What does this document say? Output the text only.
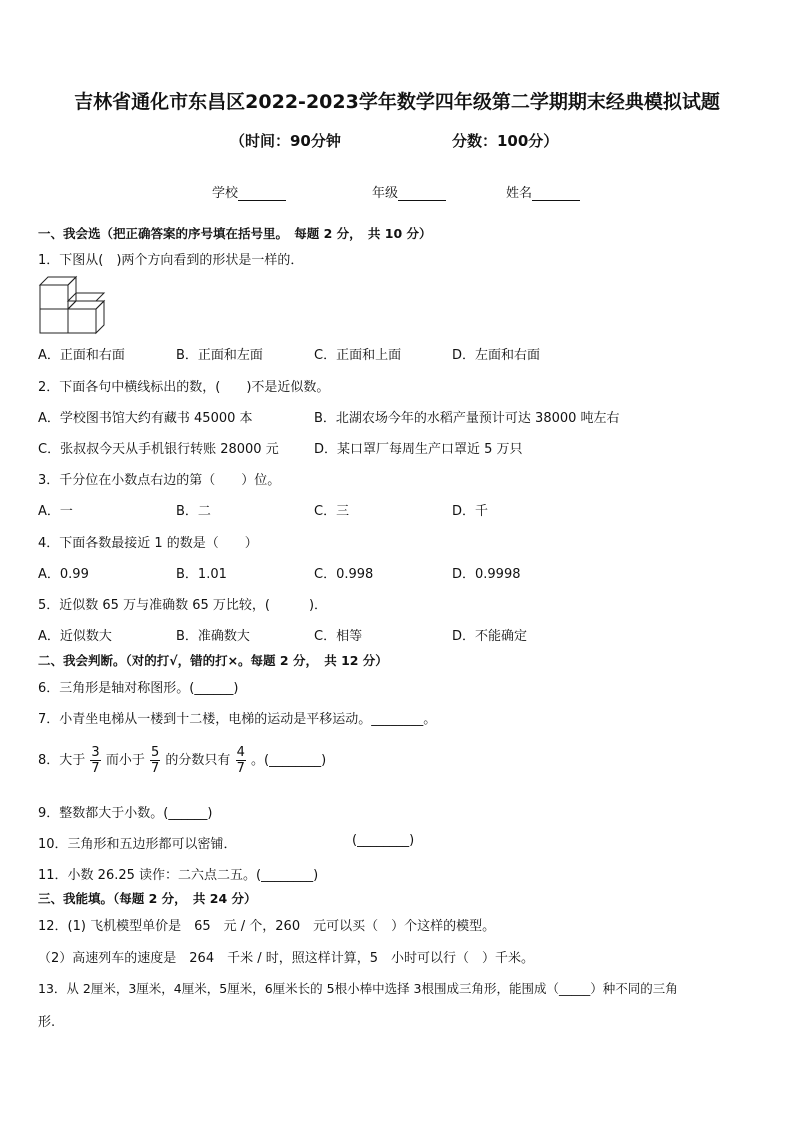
吉林省通化市东昌区2022-2023学年数学四年级第二学期期末经典模拟试题
（时间：90分钟	分数：100分）
学校	年级	姓名
一、我会选（把正确答案的序号填在括号里。　每题 2 分，　共 10 分）
1．下图从(　)两个方向看到的形状是一样的．
A．正面和右面	B．正面和左面	C．正面和上面	D．左面和右面
2．下面各句中横线标出的数，(　　)不是近似数。
A．学校图书馆大约有藏书 45000 本	B．北湖农场今年的水稻产量预计可达 38000 吨左右
C．张叔叔今天从手机银行转账 28000 元	D．某口罩厂每周生产口罩近 5 万只
3．千分位在小数点右边的第（　　）位。
A．一	B．二	C．三	D．千
4．下面各数最接近 1 的数是（　　）
A．0.99	B．1.01	C．0.998	D．0.9998
5．近似数 65 万与准确数 65 万比较，(　　　)．
A．近似数大	B．准确数大	C．相等	D．不能确定
二、我会判断。（对的打√，错的打×。每题 2 分，　共 12 分）
6．三角形是轴对称图形。(______)
7．小青坐电梯从一楼到十二楼，电梯的运动是平移运动。________。
8．大于 $\frac{3}{7}$ 而小于 $\frac{5}{7}$ 的分数只有 $\frac{4}{7}$ 。(________)
9．整数都大于小数。(______)
10．三角形和五边形都可以密铺．	(________)
11．小数 26.25 读作：二六点二五。(________)
三、我能填。（每题 2 分，　共 24 分）
12．(1) 飞机模型单价是　65　元 / 个，260　元可以买（　）个这样的模型。
（2）高速列车的速度是　264　千米 / 时，照这样计算，5　小时可以行（　）千米。
13．从 2厘米，3厘米，4厘米，5厘米，6厘米长的 5根小棒中选择 3根围成三角形，能围成（_____）种不同的三角
形.
